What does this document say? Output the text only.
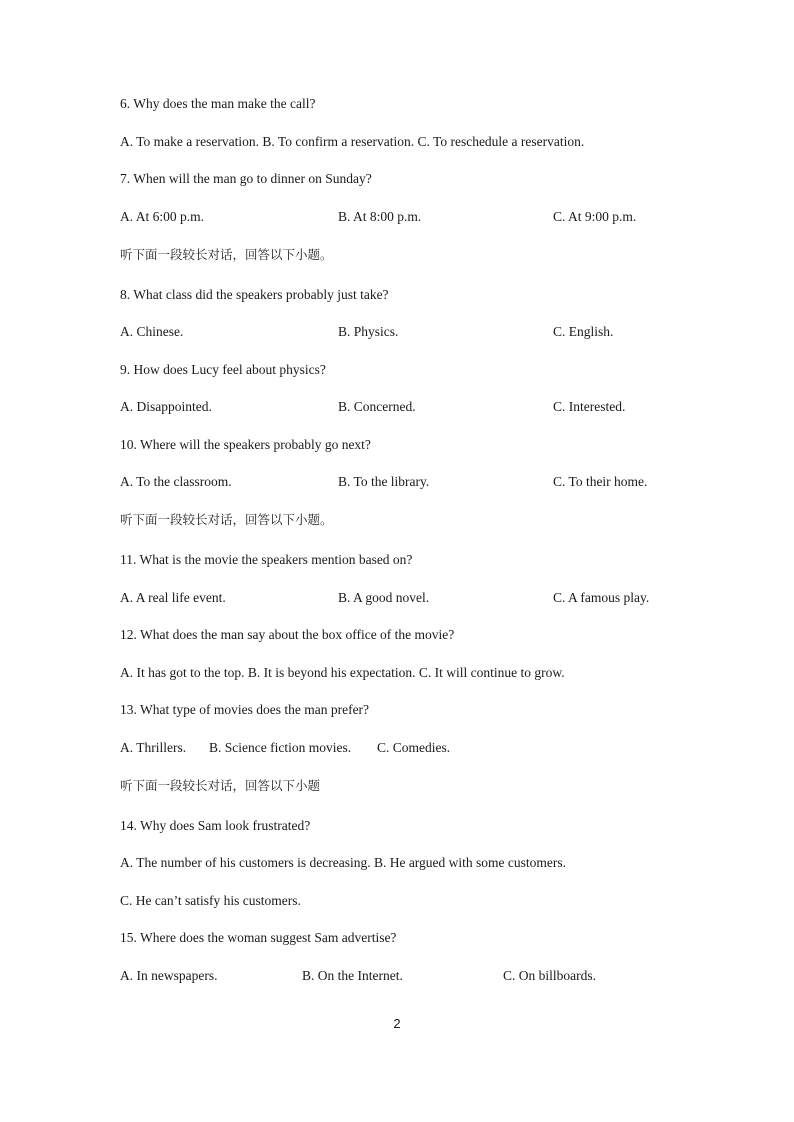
6. Why does the man make the call?
A. To make a reservation. B. To confirm a reservation. C. To reschedule a reservation.
7. When will the man go to dinner on Sunday?
A. At 6:00 p.m.	B. At 8:00 p.m.	C. At 9:00 p.m.
听下面一段较长对话，回答以下小题。
8. What class did the speakers probably just take?
A. Chinese.	B. Physics.	C. English.
9. How does Lucy feel about physics?
A. Disappointed.	B. Concerned.	C. Interested.
10. Where will the speakers probably go next?
A. To the classroom.	B. To the library.	C. To their home.
听下面一段较长对话，回答以下小题。
11. What is the movie the speakers mention based on?
A. A real life event.	B. A good novel.	C. A famous play.
12. What does the man say about the box office of the movie?
A. It has got to the top. B. It is beyond his expectation. C. It will continue to grow.
13. What type of movies does the man prefer?
A. Thrillers. B. Science fiction movies. C. Comedies.
听下面一段较长对话，回答以下小题
14. Why does Sam look frustrated?
A. The number of his customers is decreasing. B. He argued with some customers.
C. He can’t satisfy his customers.
15. Where does the woman suggest Sam advertise?
A. In newspapers.	B. On the Internet.	C. On billboards.
2
